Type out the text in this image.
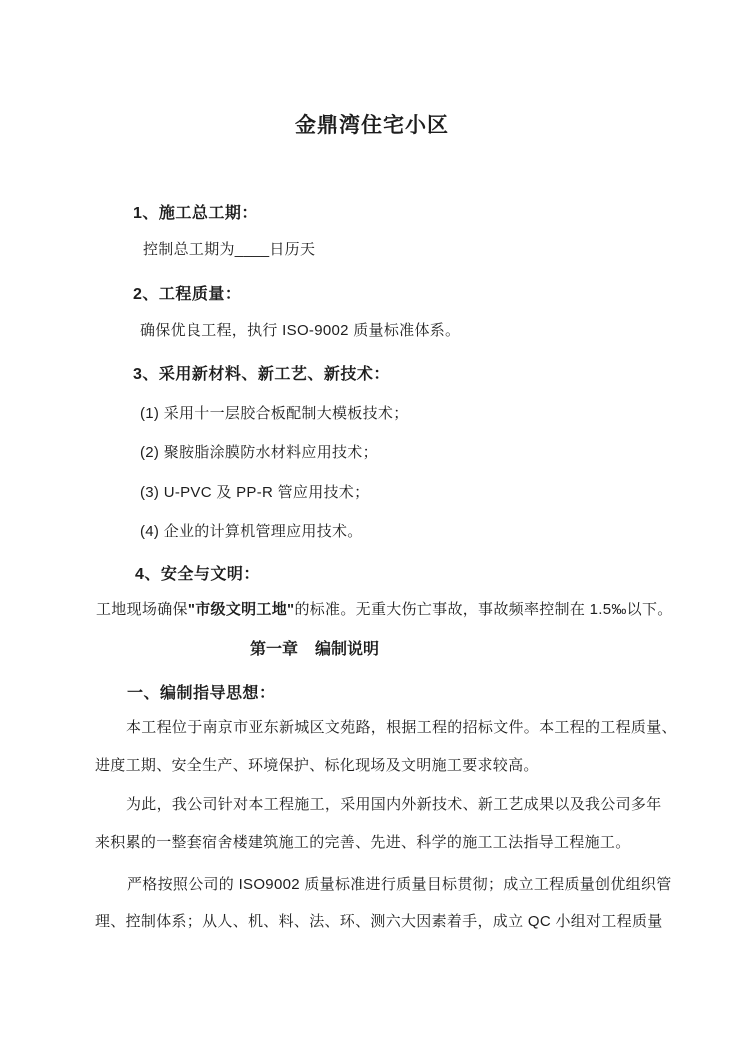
金鼎湾住宅小区
1、施工总工期：
控制总工期为____日历天
2、工程质量：
确保优良工程，执行 ISO-9002 质量标准体系。
3、采用新材料、新工艺、新技术：
(1) 采用十一层胶合板配制大模板技术；
(2) 聚胺脂涂膜防水材料应用技术；
(3) U-PVC 及 PP-R 管应用技术；
(4) 企业的计算机管理应用技术。
4、安全与文明：
工地现场确保"市级文明工地"的标准。无重大伤亡事故，事故频率控制在 1.5‰以下。
第一章 编制说明
一、编制指导思想：
本工程位于南京市亚东新城区文苑路，根据工程的招标文件。本工程的工程质量、
进度工期、安全生产、环境保护、标化现场及文明施工要求较高。
为此，我公司针对本工程施工，采用国内外新技术、新工艺成果以及我公司多年
来积累的一整套宿舍楼建筑施工的完善、先进、科学的施工工法指导工程施工。
严格按照公司的 ISO9002 质量标准进行质量目标贯彻；成立工程质量创优组织管
理、控制体系；从人、机、料、法、环、测六大因素着手，成立 QC 小组对工程质量
